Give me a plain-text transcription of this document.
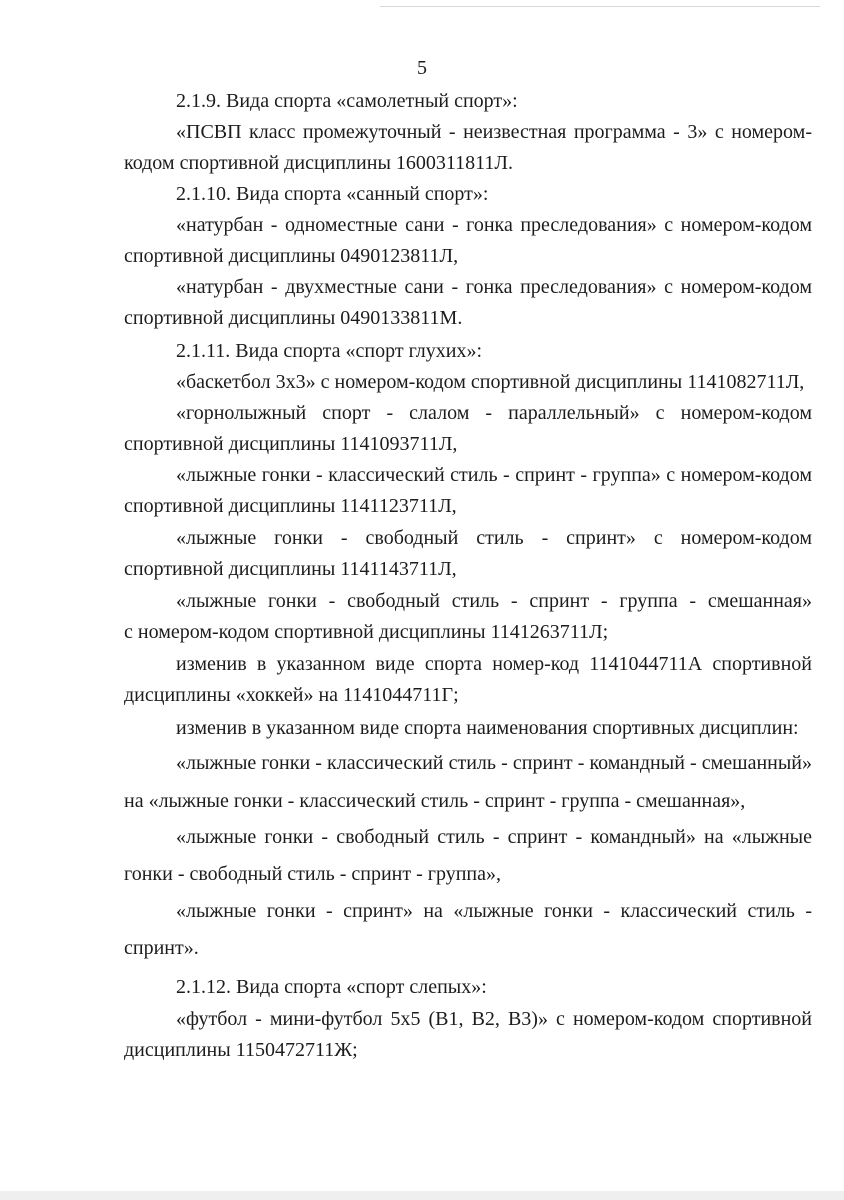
5

2.1.9. Вида спорта «самолетный спорт»:

«ПСВП класс промежуточный - неизвестная программа - 3» с номером-

кодом спортивной дисциплины 1600311811Л.

2.1.10. Вида спорта «санный спорт»:

«натурбан - одноместные сани - гонка преследования» с номером-кодом

спортивной дисциплины 0490123811Л,

«натурбан - двухместные сани - гонка преследования» с номером-кодом

спортивной дисциплины 0490133811М.

2.1.11. Вида спорта «спорт глухих»:

«баскетбол 3x3» с номером-кодом спортивной дисциплины 1141082711Л,

«горнолыжный спорт - слалом - параллельный» с номером-кодом

спортивной дисциплины 1141093711Л,

«лыжные гонки - классический стиль - спринт - группа» с номером-кодом

спортивной дисциплины 1141123711Л,

«лыжные гонки - свободный стиль - спринт» с номером-кодом

спортивной дисциплины 1141143711Л,

«лыжные гонки - свободный стиль - спринт - группа - смешанная»

с номером-кодом спортивной дисциплины 1141263711Л;

изменив в указанном виде спорта номер-код 1141044711А спортивной

дисциплины «хоккей» на 1141044711Г;

изменив в указанном виде спорта наименования спортивных дисциплин:

«лыжные гонки - классический стиль - спринт - командный - смешанный»

на «лыжные гонки - классический стиль - спринт - группа - смешанная»,

«лыжные гонки - свободный стиль - спринт - командный» на «лыжные

гонки - свободный стиль - спринт - группа»,

«лыжные гонки - спринт» на «лыжные гонки - классический стиль -

спринт».

2.1.12. Вида спорта «спорт слепых»:

«футбол - мини-футбол 5x5 (B1, B2, B3)» с номером-кодом спортивной

дисциплины 1150472711Ж;
